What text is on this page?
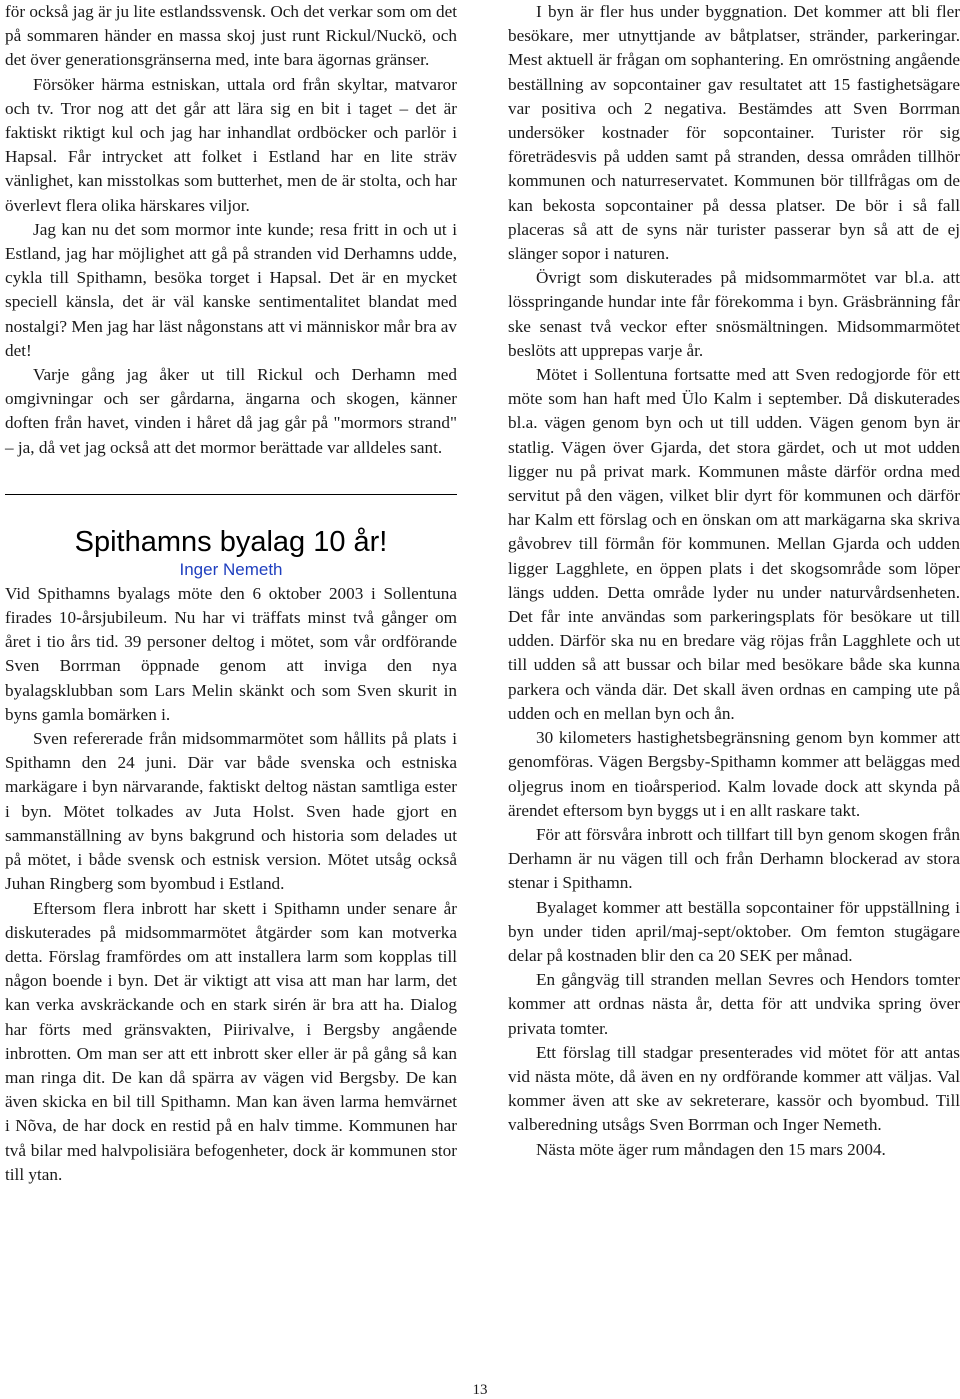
för också jag är ju lite estlandssvensk. Och det verkar som om det på sommaren händer en massa skoj just runt Rickul/Nuckö, och det över generationsgränserna med, inte bara ägornas gränser.

Försöker härma estniskan, uttala ord från skyltar, matvaror och tv. Tror nog att det går att lära sig en bit i taget – det är faktiskt riktigt kul och jag har inhandlat ordböcker och parlör i Hapsal. Får intrycket att folket i Estland har en lite sträv vänlighet, kan misstolkas som butterhet, men de är stolta, och har överlevt flera olika härskares viljor.

Jag kan nu det som mormor inte kunde; resa fritt in och ut i Estland, jag har möjlighet att gå på stranden vid Derhamns udde, cykla till Spithamn, besöka torget i Hapsal. Det är en mycket speciell känsla, det är väl kanske sentimentalitet blandat med nostalgi? Men jag har läst någonstans att vi människor mår bra av det!

Varje gång jag åker ut till Rickul och Derhamn med omgivningar och ser gårdarna, ängarna och skogen, känner doften från havet, vinden i håret då jag går på "mormors strand" – ja, då vet jag också att det mormor berättade var alldeles sant.

Spithamns byalag 10 år!
Inger Nemeth

Vid Spithamns byalags möte den 6 oktober 2003 i Sollentuna firades 10-årsjubileum. Nu har vi träffats minst två gånger om året i tio års tid. 39 personer deltog i mötet, som vår ordförande Sven Borrman öppnade genom att inviga den nya byalagsklubban som Lars Melin skänkt och som Sven skurit in byns gamla bomärken i.

Sven refererade från midsommarmötet som hållits på plats i Spithamn den 24 juni. Där var både svenska och estniska markägare i byn närvarande, faktiskt deltog nästan samtliga ester i byn. Mötet tolkades av Juta Holst. Sven hade gjort en sammanställning av byns bakgrund och historia som delades ut på mötet, i både svensk och estnisk version. Mötet utsåg också Juhan Ringberg som byombud i Estland.

Eftersom flera inbrott har skett i Spithamn under senare år diskuterades på midsommarmötet åtgärder som kan motverka detta. Förslag framfördes om att installera larm som kopplas till någon boende i byn. Det är viktigt att visa att man har larm, det kan verka avskräckande och en stark sirén är bra att ha. Dialog har förts med gränsvakten, Piirivalve, i Bergsby angående inbrotten. Om man ser att ett inbrott sker eller är på gång så kan man ringa dit. De kan då spärra av vägen vid Bergsby. De kan även skicka en bil till Spithamn. Man kan även larma hemvärnet i Nõva, de har dock en restid på en halv timme. Kommunen har två bilar med halvpolisiära befogenheter, dock är kommunen stor till ytan.

I byn är fler hus under byggnation. Det kommer att bli fler besökare, mer utnyttjande av båtplatser, stränder, parkeringar. Mest aktuell är frågan om sophantering. En omröstning angående beställning av sopcontainer gav resultatet att 15 fastighetsägare var positiva och 2 negativa. Bestämdes att Sven Borrman undersöker kostnader för sopcontainer. Turister rör sig företrädesvis på udden samt på stranden, dessa områden tillhör kommunen och naturreservatet. Kommunen bör tillfrågas om de kan bekosta sopcontainer på dessa platser. De bör i så fall placeras så att de syns när turister passerar byn så att de ej slänger sopor i naturen.

Övrigt som diskuterades på midsommarmötet var bl.a. att lösspringande hundar inte får förekomma i byn. Gräsbränning får ske senast två veckor efter snösmältningen. Midsommarmötet beslöts att upprepas varje år.

Mötet i Sollentuna fortsatte med att Sven redogjorde för ett möte som han haft med Ülo Kalm i september. Då diskuterades bl.a. vägen genom byn och ut till udden. Vägen genom byn är statlig. Vägen över Gjarda, det stora gärdet, och ut mot udden ligger nu på privat mark. Kommunen måste därför ordna med servitut på den vägen, vilket blir dyrt för kommunen och därför har Kalm ett förslag och en önskan om att markägarna ska skriva gåvobrev till förmån för kommunen. Mellan Gjarda och udden ligger Lagghlete, en öppen plats i det skogsområde som löper längs udden. Detta område lyder nu under naturvårdsenheten. Det får inte användas som parkeringsplats för besökare ut till udden. Därför ska nu en bredare väg röjas från Lagghlete och ut till udden så att bussar och bilar med besökare både ska kunna parkera och vända där. Det skall även ordnas en camping ute på udden och en mellan byn och ån.

30 kilometers hastighetsbegränsning genom byn kommer att genomföras. Vägen Bergsby-Spithamn kommer att beläggas med oljegrus inom en tioårsperiod. Kalm lovade dock att skynda på ärendet eftersom byn byggs ut i en allt raskare takt.

För att försvåra inbrott och tillfart till byn genom skogen från Derhamn är nu vägen till och från Derhamn blockerad av stora stenar i Spithamn.

Byalaget kommer att beställa sopcontainer för uppställning i byn under tiden april/maj-sept/oktober. Om femton stugägare delar på kostnaden blir den ca 20 SEK per månad.

En gångväg till stranden mellan Sevres och Hendors tomter kommer att ordnas nästa år, detta för att undvika spring över privata tomter.

Ett förslag till stadgar presenterades vid mötet för att antas vid nästa möte, då även en ny ordförande kommer att väljas. Val kommer även att ske av sekreterare, kassör och byombud. Till valberedning utsågs Sven Borrman och Inger Nemeth.

Nästa möte äger rum måndagen den 15 mars 2004.

13
